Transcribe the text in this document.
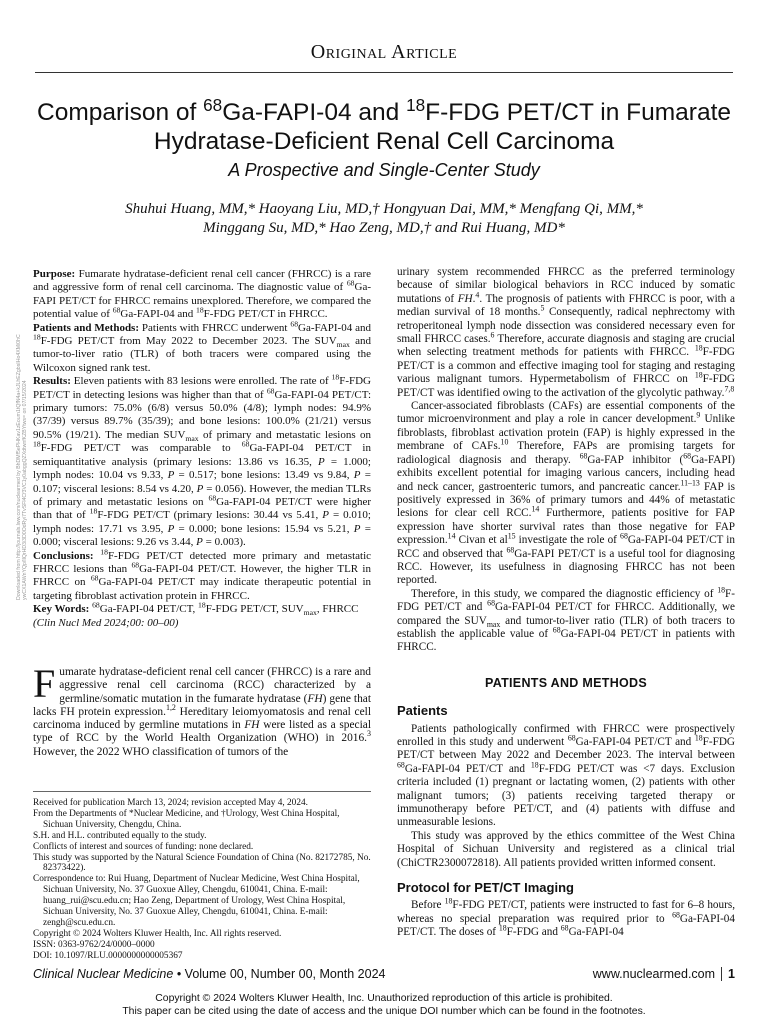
Downloaded from http://journals.lww.com/nuclearmed by BhDMf5ePHKav1zEoum1tQfN4a+kJLhEZgbsIHo4XMi0hC ywCX1AWnYQp/IlQrHD3i3D0OdRyi7TvSFl4Cf3VC1y0abggQZXdtwnfKZBYtws= on 07/15/2024
Original Article
Comparison of $^{68}$Ga-FAPI-04 and $^{18}$F-FDG PET/CT in Fumarate
Hydratase-Deficient Renal Cell Carcinoma
A Prospective and Single-Center Study
Shuhui Huang, MM,* Haoyang Liu, MD,† Hongyuan Dai, MM,* Mengfang Qi, MM,*
Minggang Su, MD,* Hao Zeng, MD,† and Rui Huang, MD*

Purpose: Fumarate hydratase-deficient renal cell cancer (FHRCC) is a rare and aggressive form of renal cell carcinoma. The diagnostic value of $^{68}$Ga-FAPI PET/CT for FHRCC remains unexplored. Therefore, we compared the potential value of $^{68}$Ga-FAPI-04 and $^{18}$F-FDG PET/CT in FHRCC.

Patients and Methods: Patients with FHRCC underwent $^{68}$Ga-FAPI-04 and $^{18}$F-FDG PET/CT from May 2022 to December 2023. The $SUV_{max}$ and tumor-to-liver ratio (TLR) of both tracers were compared using the Wilcoxon signed rank test.

Results: Eleven patients with 83 lesions were enrolled. The rate of $^{18}$F-FDG PET/CT in detecting lesions was higher than that of $^{68}$Ga-FAPI-04 PET/CT: primary tumors: 75.0% (6/8) versus 50.0% (4/8); lymph nodes: 94.9% (37/39) versus 89.7% (35/39); and bone lesions: 100.0% (21/21) versus 90.5% (19/21). The median $SUV_{max}$ of primary and metastatic lesions on $^{18}$F-FDG PET/CT was comparable to $^{68}$Ga-FAPI-04 PET/CT in semiquantitative analysis (primary lesions: 13.86 vs 16.35, P = 1.000; lymph nodes: 10.04 vs 9.33, P = 0.517; bone lesions: 13.49 vs 9.84, P = 0.107; visceral lesions: 8.54 vs 4.20, P = 0.056). However, the median TLRs of primary and metastatic lesions on $^{68}$Ga-FAPI-04 PET/CT were higher than that of $^{18}$F-FDG PET/CT (primary lesions: 30.44 vs 5.41, P = 0.010; lymph nodes: 17.71 vs 3.95, P = 0.000; bone lesions: 15.94 vs 5.21, P = 0.000; visceral lesions: 9.26 vs 3.44, P = 0.003).

Conclusions: $^{18}$F-FDG PET/CT detected more primary and metastatic FHRCC lesions than $^{68}$Ga-FAPI-04 PET/CT. However, the higher TLR in FHRCC on $^{68}$Ga-FAPI-04 PET/CT may indicate therapeutic potential in targeting fibroblast activation protein in FHRCC.

Key Words: $^{68}$Ga-FAPI-04 PET/CT, $^{18}$F-FDG PET/CT, $SUV_{max}$, FHRCC

(Clin Nucl Med 2024;00: 00–00)

Fumarate hydratase-deficient renal cell cancer (FHRCC) is a rare and aggressive renal cell carcinoma (RCC) characterized by a germline/somatic mutation in the fumarate hydratase (FH) gene that lacks FH protein expression.$^{1,2}$ Hereditary leiomyomatosis and renal cell carcinoma induced by germline mutations in FH were listed as a special type of RCC by the World Health Organization (WHO) in 2016.$^3$ However, the 2022 WHO classification of tumors of the

Received for publication March 13, 2024; revision accepted May 4, 2024.

From the Departments of *Nuclear Medicine, and †Urology, West China Hospital, Sichuan University, Chengdu, China.

S.H. and H.L. contributed equally to the study.

Conflicts of interest and sources of funding: none declared.

This study was supported by the Natural Science Foundation of China (No. 82172785, No. 82373422).

Correspondence to: Rui Huang, Department of Nuclear Medicine, West China Hospital, Sichuan University, No. 37 Guoxue Alley, Chengdu, 610041, China. E-mail: huang_rui@scu.edu.cn; Hao Zeng, Department of Urology, West China Hospital, Sichuan University, No. 37 Guoxue Alley, Chengdu, 610041, China. E-mail: zengh@scu.edu.cn.

Copyright © 2024 Wolters Kluwer Health, Inc. All rights reserved.

ISSN: 0363-9762/24/0000–0000

DOI: 10.1097/RLU.0000000000005367

urinary system recommended FHRCC as the preferred terminology because of similar biological behaviors in RCC induced by somatic mutations of FH.$^4$. The prognosis of patients with FHRCC is poor, with a median survival of 18 months.$^5$ Consequently, radical nephrectomy with retroperitoneal lymph node dissection was considered necessary even for small FHRCC cases.$^6$ Therefore, accurate diagnosis and staging are crucial when selecting treatment methods for patients with FHRCC. $^{18}$F-FDG PET/CT is a common and effective imaging tool for staging and restaging various malignant tumors. Hypermetabolism of FHRCC on $^{18}$F-FDG PET/CT was identified owing to the activation of the glycolytic pathway.$^{7,8}$

Cancer-associated fibroblasts (CAFs) are essential components of the tumor microenvironment and play a role in cancer development.$^9$ Unlike fibroblasts, fibroblast activation protein (FAP) is highly expressed in the membrane of CAFs.$^{10}$ Therefore, FAPs are promising targets for radiological diagnosis and therapy. $^{68}$Ga-FAP inhibitor ($^{68}$Ga-FAPI) exhibits excellent potential for imaging various cancers, including head and neck cancer, gastroenteric tumors, and pancreatic cancer.$^{11-13}$ FAP is positively expressed in 36% of primary tumors and 44% of metastatic lesions for clear cell RCC.$^{14}$ Furthermore, patients positive for FAP expression have shorter survival rates than those negative for FAP expression.$^{14}$ Civan et $al^{15}$ investigate the role of $^{68}$Ga-FAPI-04 PET/CT in RCC and observed that $^{68}$Ga-FAPI PET/CT is a useful tool for diagnosing RCC. However, its usefulness in diagnosing FHRCC has not been reported.

Therefore, in this study, we compared the diagnostic efficiency of $^{18}$F-FDG PET/CT and $^{68}$Ga-FAPI-04 PET/CT for FHRCC. Additionally, we compared the $SUV_{max}$ and tumor-to-liver ratio (TLR) of both tracers to establish the applicable value of $^{68}$Ga-FAPI-04 PET/CT in patients with FHRCC.

PATIENTS AND METHODS
Patients

Patients pathologically confirmed with FHRCC were prospectively enrolled in this study and underwent $^{68}$Ga-FAPI-04 PET/CT and $^{18}$F-FDG PET/CT between May 2022 and December 2023. The interval between $^{68}$Ga-FAPI-04 PET/CT and $^{18}$F-FDG PET/CT was <7 days. Exclusion criteria included (1) pregnant or lactating women, (2) patients with other malignant tumors; (3) patients receiving targeted therapy or immunotherapy before PET/CT, and (4) patients with diffuse and unmeasurable lesions.

This study was approved by the ethics committee of the West China Hospital of Sichuan University and registered as a clinical trial (ChiCTR2300072818). All patients provided written informed consent.

Protocol for PET/CT Imaging

Before $^{18}$F-FDG PET/CT, patients were instructed to fast for 6–8 hours, whereas no special preparation was required prior to $^{68}$Ga-FAPI-04 PET/CT. The doses of $^{18}$F-FDG and $^{68}$Ga-FAPI-04

Clinical Nuclear Medicine • Volume 00, Number 00, Month 2024	www.nuclearmed.com 1
Copyright © 2024 Wolters Kluwer Health, Inc. Unauthorized reproduction of this article is prohibited.
This paper can be cited using the date of access and the unique DOI number which can be found in the footnotes.
